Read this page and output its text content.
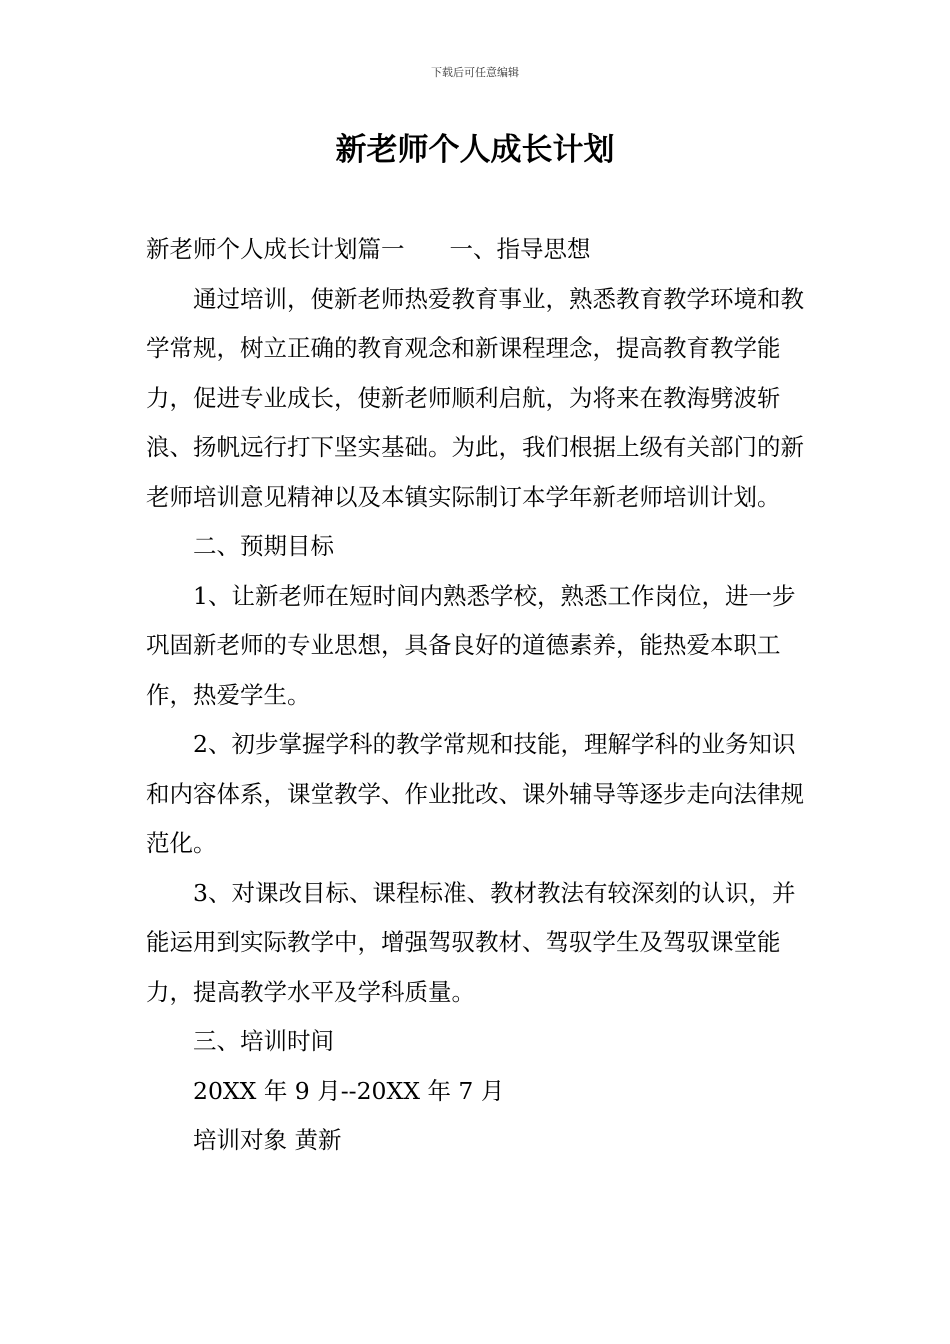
下载后可任意编辑
新老师个人成长计划

新老师个人成长计划篇一 一、指导思想

通过培训，使新老师热爱教育事业，熟悉教育教学环境和教学常规，树立正确的教育观念和新课程理念，提高教育教学能力，促进专业成长，使新老师顺利启航，为将来在教海劈波斩浪、扬帆远行打下坚实基础。为此，我们根据上级有关部门的新老师培训意见精神以及本镇实际制订本学年新老师培训计划。

二、预期目标

1、让新老师在短时间内熟悉学校，熟悉工作岗位，进一步巩固新老师的专业思想，具备良好的道德素养，能热爱本职工作，热爱学生。

2、初步掌握学科的教学常规和技能，理解学科的业务知识和内容体系，课堂教学、作业批改、课外辅导等逐步走向法律规范化。

3、对课改目标、课程标准、教材教法有较深刻的认识，并能运用到实际教学中，增强驾驭教材、驾驭学生及驾驭课堂能力，提高教学水平及学科质量。

三、培训时间

20XX 年 9 月--20XX 年 7 月

培训对象 黄新
